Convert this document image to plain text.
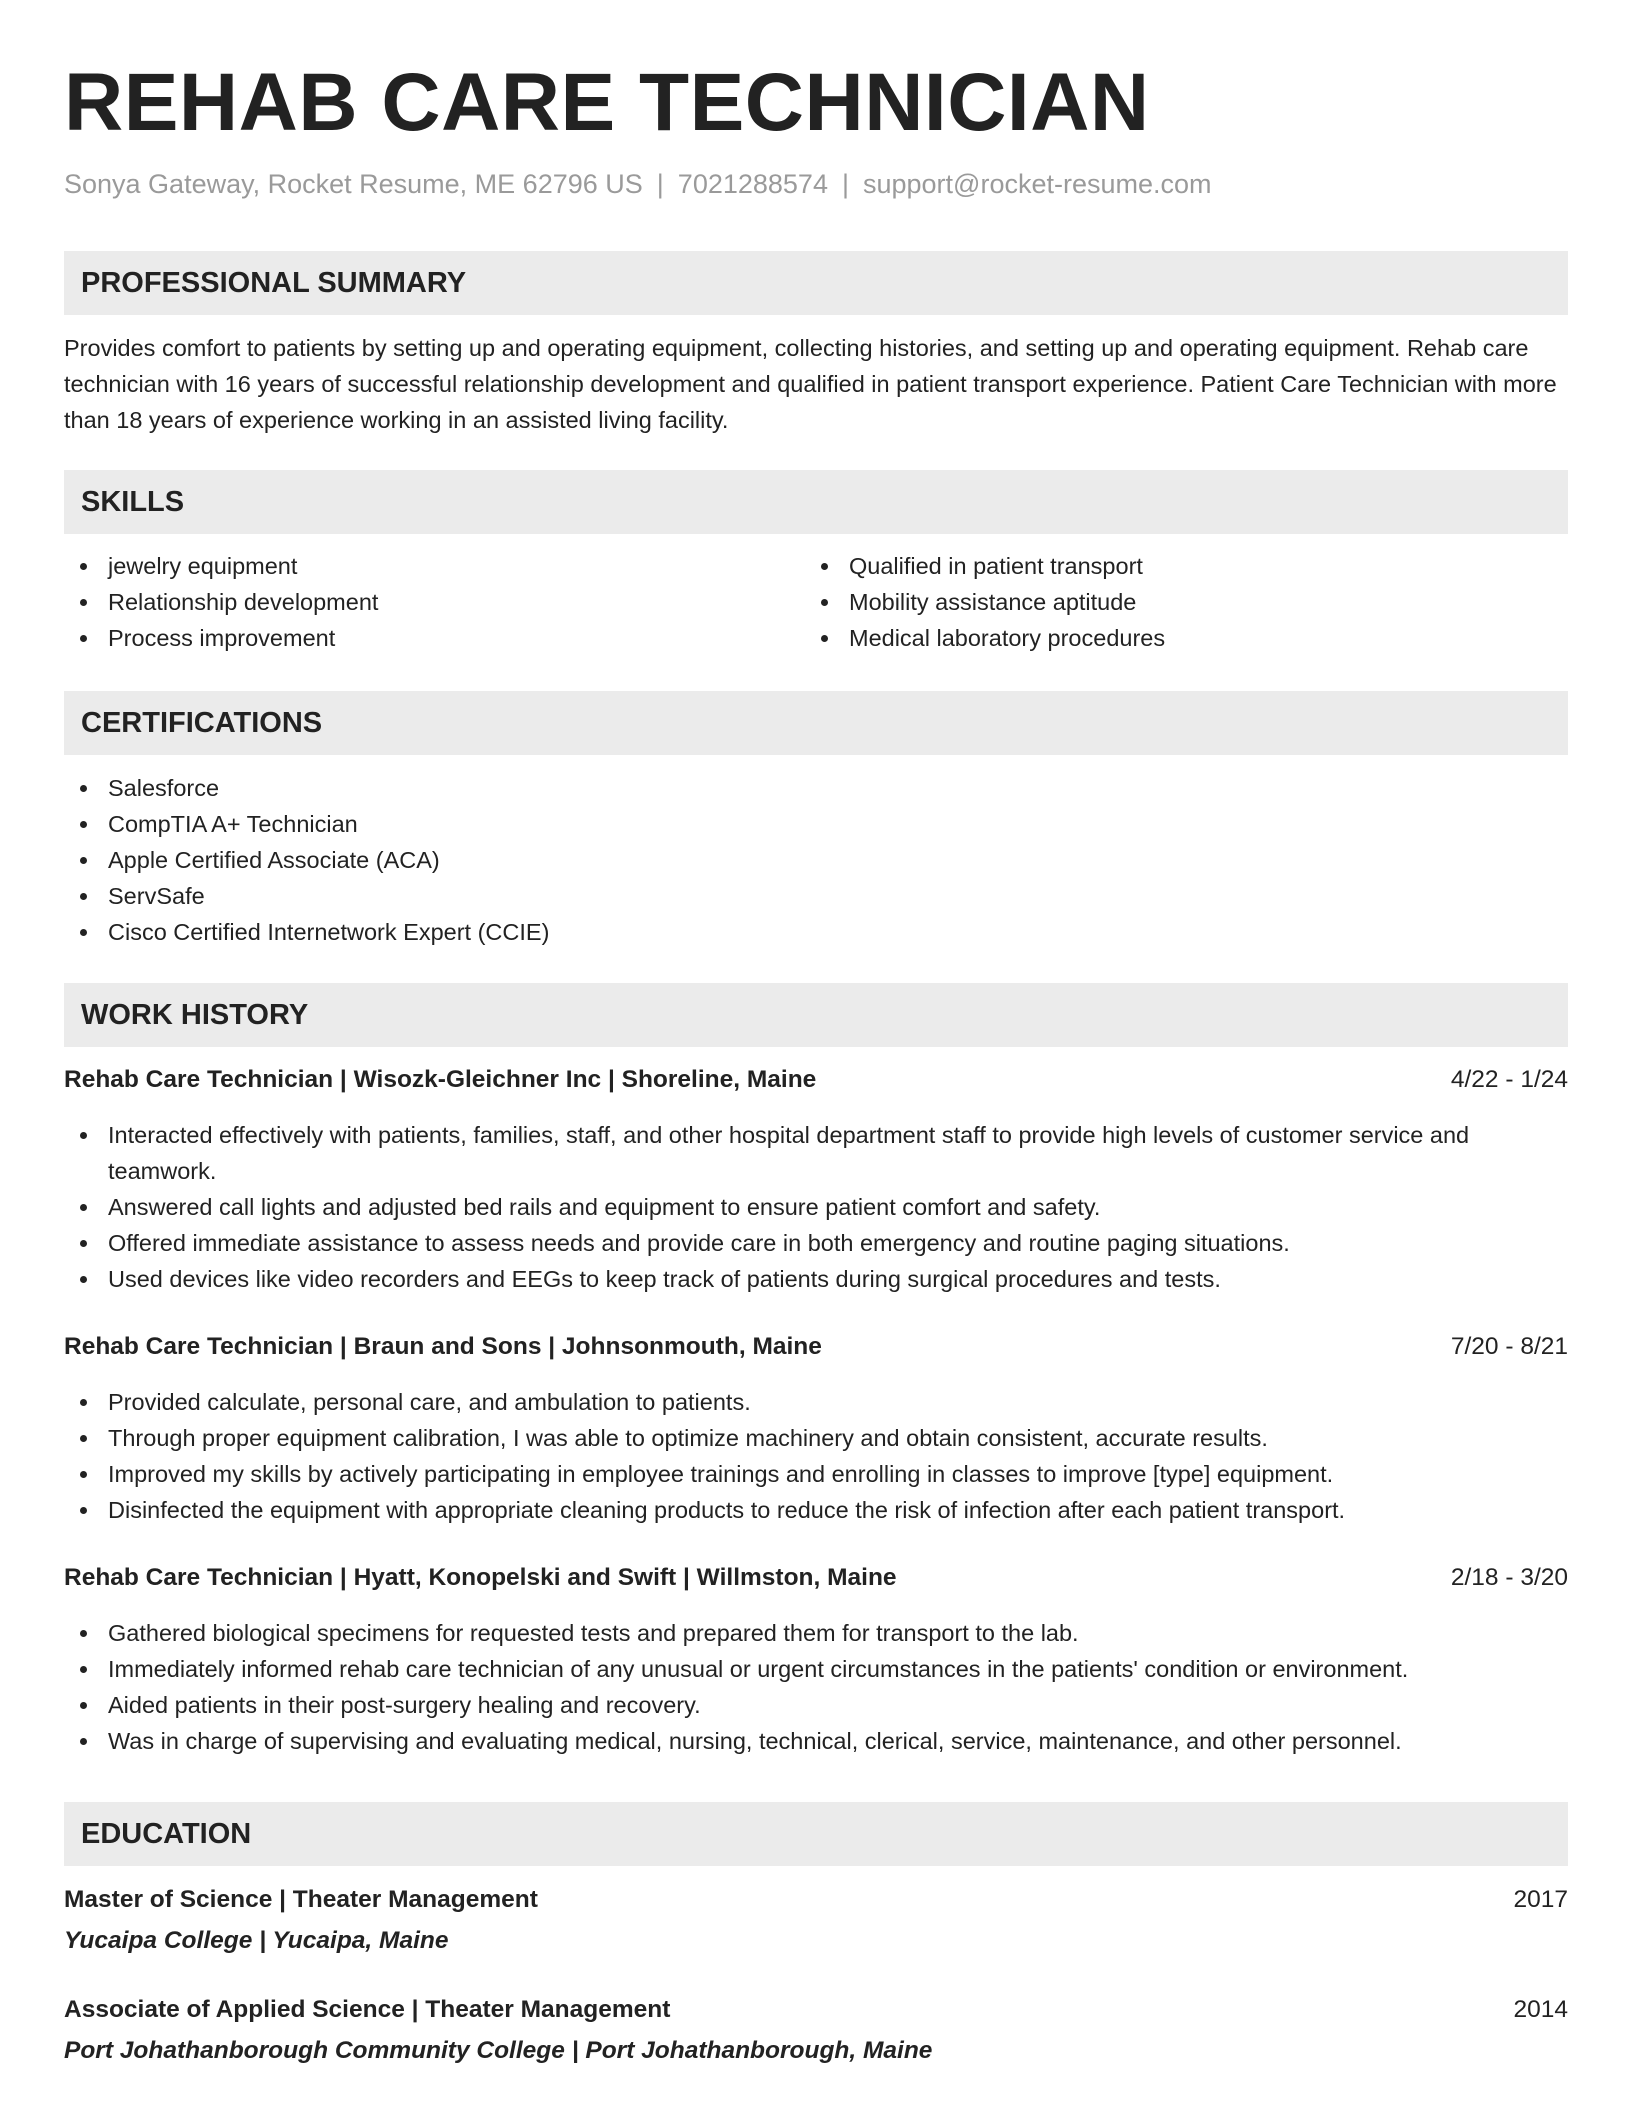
REHAB CARE TECHNICIAN
Sonya Gateway, Rocket Resume, ME 62796 US | 7021288574 | support@rocket-resume.com
PROFESSIONAL SUMMARY
Provides comfort to patients by setting up and operating equipment, collecting histories, and setting up and operating equipment. Rehab care technician with 16 years of successful relationship development and qualified in patient transport experience. Patient Care Technician with more than 18 years of experience working in an assisted living facility.
SKILLS
jewelry equipment
Relationship development
Process improvement
Qualified in patient transport
Mobility assistance aptitude
Medical laboratory procedures
CERTIFICATIONS
Salesforce
CompTIA A+ Technician
Apple Certified Associate (ACA)
ServSafe
Cisco Certified Internetwork Expert (CCIE)
WORK HISTORY
Rehab Care Technician | Wisozk-Gleichner Inc | Shoreline, Maine	4/22 - 1/24
Interacted effectively with patients, families, staff, and other hospital department staff to provide high levels of customer service and teamwork.
Answered call lights and adjusted bed rails and equipment to ensure patient comfort and safety.
Offered immediate assistance to assess needs and provide care in both emergency and routine paging situations.
Used devices like video recorders and EEGs to keep track of patients during surgical procedures and tests.
Rehab Care Technician | Braun and Sons | Johnsonmouth, Maine	7/20 - 8/21
Provided calculate, personal care, and ambulation to patients.
Through proper equipment calibration, I was able to optimize machinery and obtain consistent, accurate results.
Improved my skills by actively participating in employee trainings and enrolling in classes to improve [type] equipment.
Disinfected the equipment with appropriate cleaning products to reduce the risk of infection after each patient transport.
Rehab Care Technician | Hyatt, Konopelski and Swift | Willmston, Maine	2/18 - 3/20
Gathered biological specimens for requested tests and prepared them for transport to the lab.
Immediately informed rehab care technician of any unusual or urgent circumstances in the patients' condition or environment.
Aided patients in their post-surgery healing and recovery.
Was in charge of supervising and evaluating medical, nursing, technical, clerical, service, maintenance, and other personnel.
EDUCATION
Master of Science | Theater Management	2017
Yucaipa College | Yucaipa, Maine
Associate of Applied Science | Theater Management	2014
Port Johathanborough Community College | Port Johathanborough, Maine
